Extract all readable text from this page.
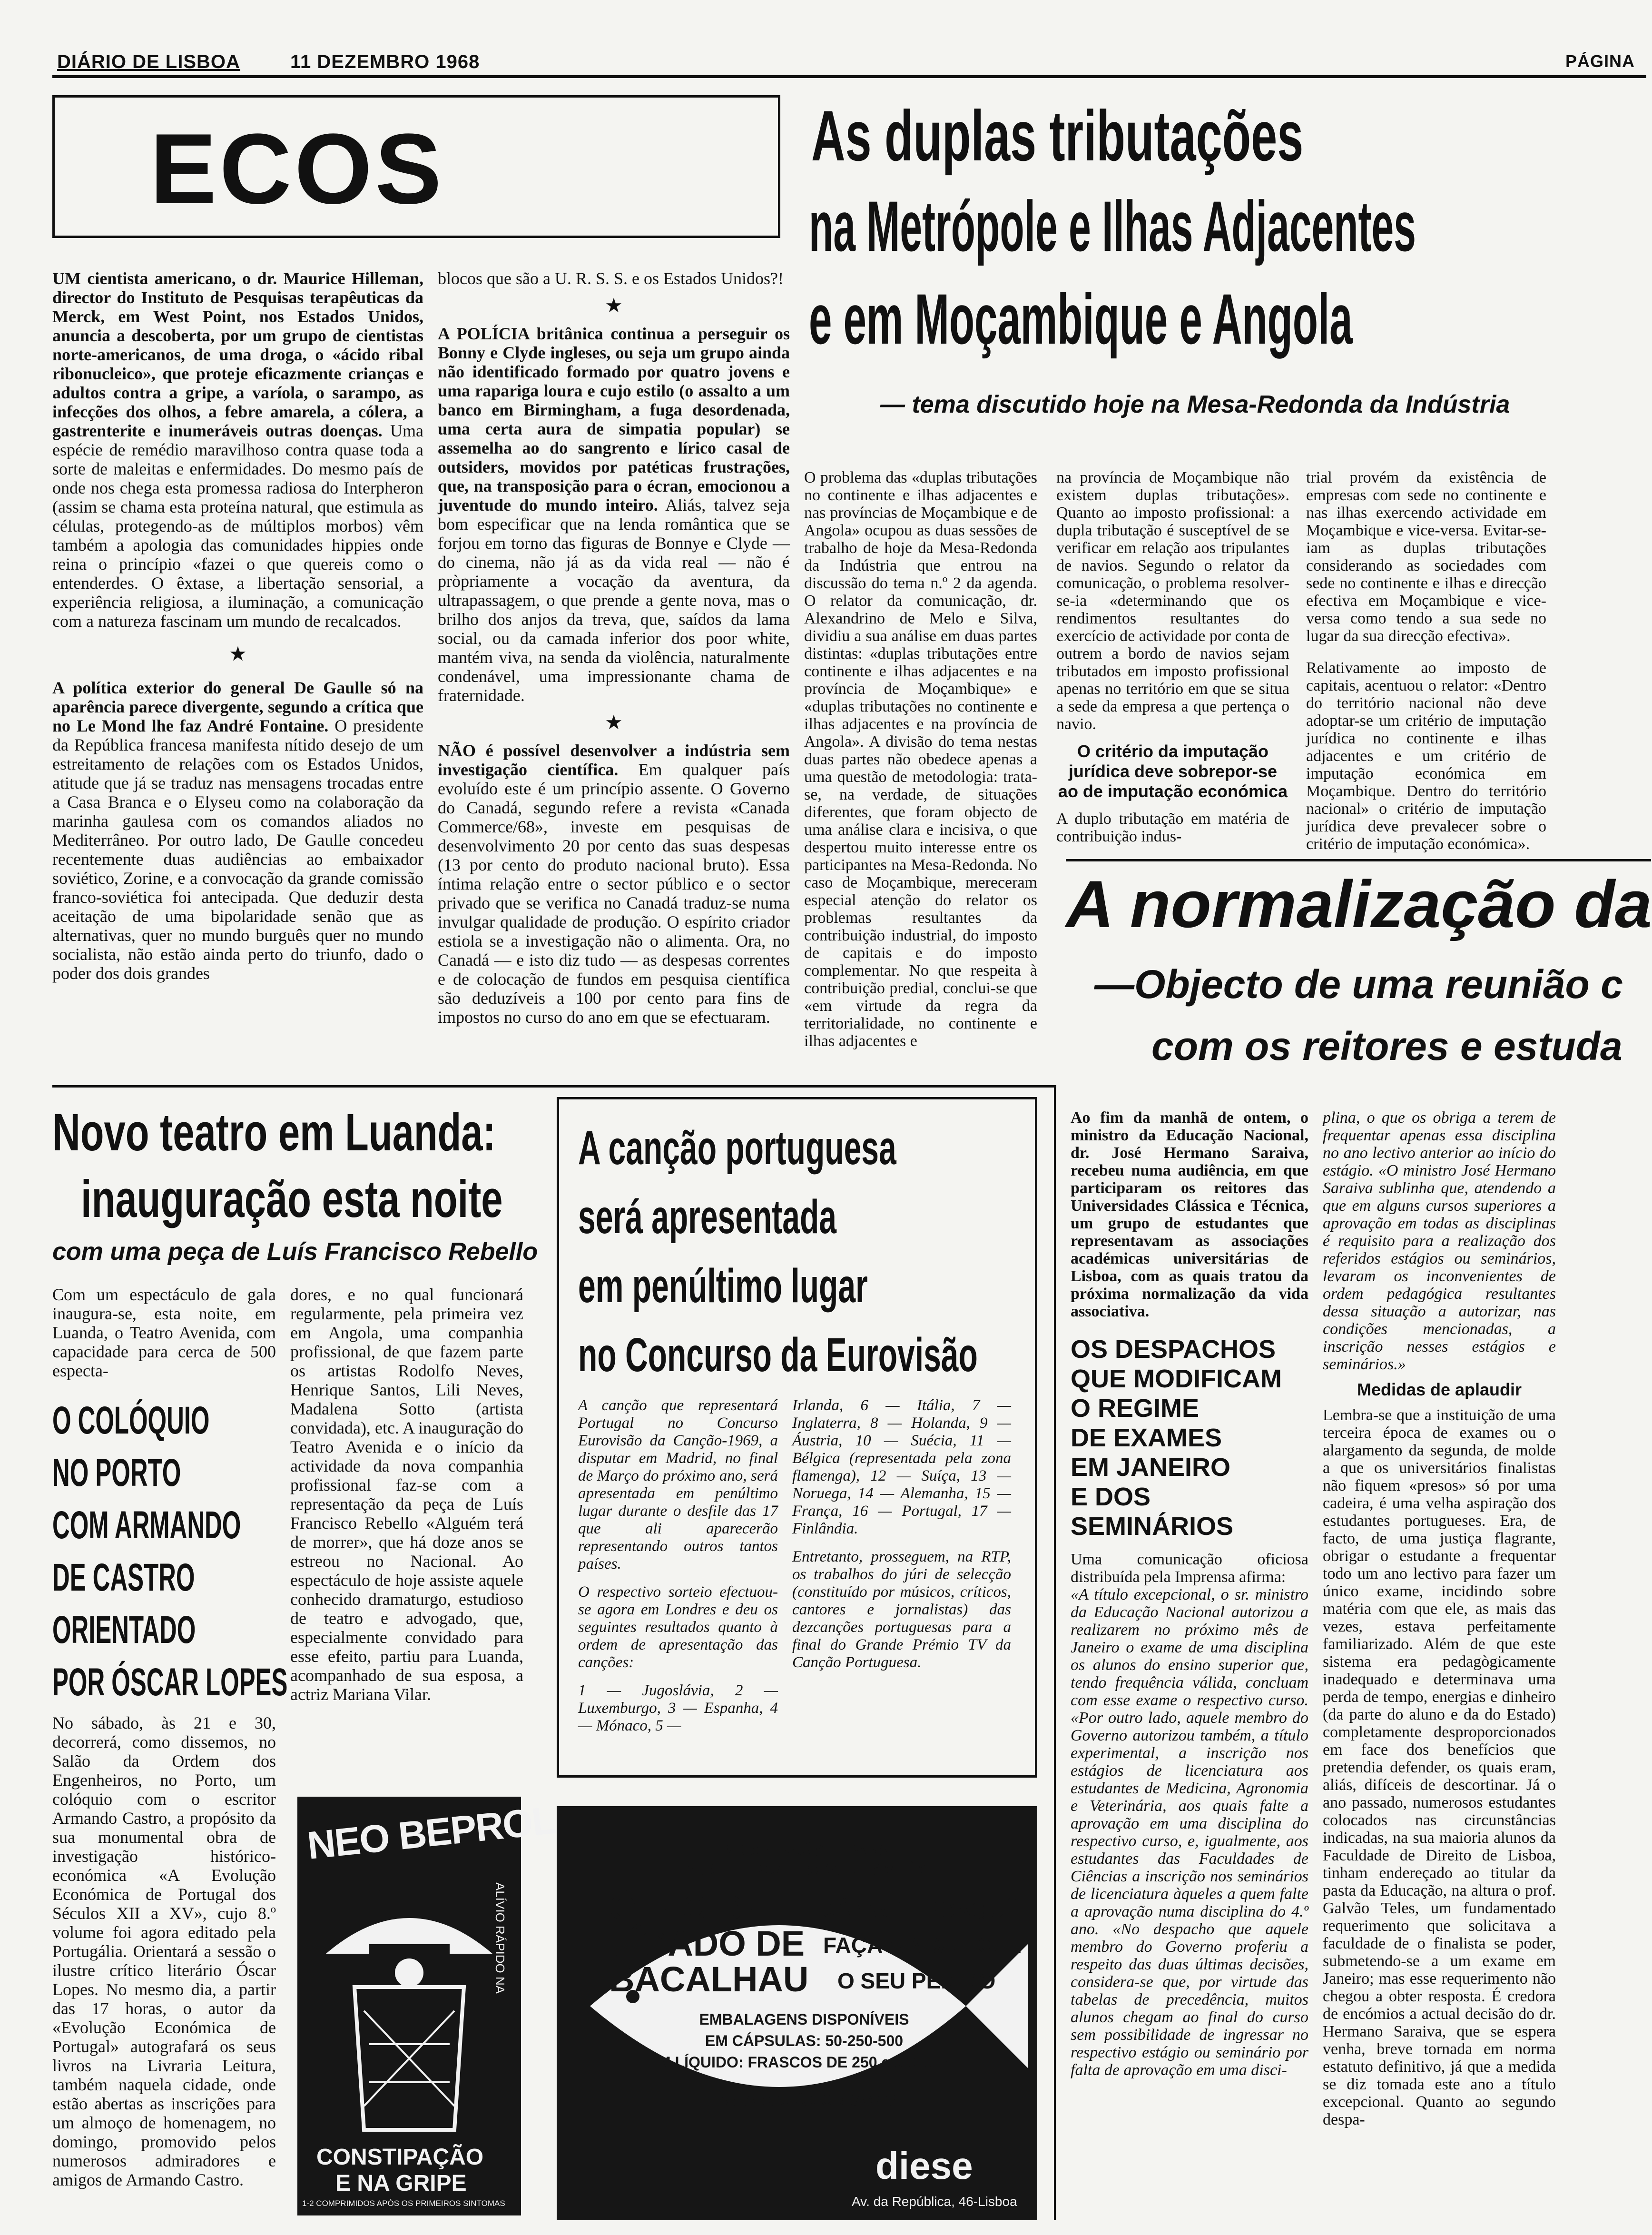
DIÁRIO DE LISBOA	11 DEZEMBRO 1968	PÁGINA
ECOS

UM cientista americano, o dr. Maurice Hilleman, director do Instituto de Pesquisas terapêuticas da Merck, em West Point, nos Estados Unidos, anuncia a descoberta, por um grupo de cientistas norte-americanos, de uma droga, o «ácido ribal ribonucleico», que proteje eficazmente crianças e adultos contra a gripe, a varíola, o sarampo, as infecções dos olhos, a febre amarela, a cólera, a gastrenterite e inumeráveis outras doenças. Uma espécie de remédio maravilhoso contra quase toda a sorte de maleitas e enfermidades. Do mesmo país de onde nos chega esta promessa radiosa do Interpheron (assim se chama esta proteína natural, que estimula as células, protegendo-as de múltiplos morbos) vêm também a apologia das comunidades hippies onde reina o princípio «fazei o que quereis como o entenderdes. O êxtase, a libertação sensorial, a experiência religiosa, a iluminação, a comunicação com a natureza fascinam um mundo de recalcados.

★

A política exterior do general De Gaulle só na aparência parece divergente, segundo a crítica que no Le Mond lhe faz André Fontaine. O presidente da República francesa manifesta nítido desejo de um estreitamento de relações com os Estados Unidos, atitude que já se traduz nas mensagens trocadas entre a Casa Branca e o Elyseu como na colaboração da marinha gaulesa com os comandos aliados no Mediterrâneo. Por outro lado, De Gaulle concedeu recentemente duas audiências ao embaixador soviético, Zorine, e a convocação da grande comissão franco-soviética foi antecipada. Que deduzir desta aceitação de uma bipolaridade senão que as alternativas, quer no mundo burguês quer no mundo socialista, não estão ainda perto do triunfo, dado o poder dos dois grandes

blocos que são a U. R. S. S. e os Estados Unidos?!

★

A POLÍCIA britânica continua a perseguir os Bonny e Clyde ingleses, ou seja um grupo ainda não identificado formado por quatro jovens e uma rapariga loura e cujo estilo (o assalto a um banco em Birmingham, a fuga desordenada, uma certa aura de simpatia popular) se assemelha ao do sangrento e lírico casal de outsiders, movidos por patéticas frustrações, que, na transposição para o écran, emocionou a juventude do mundo inteiro. Aliás, talvez seja bom especificar que na lenda romântica que se forjou em torno das figuras de Bonnye e Clyde — do cinema, não já as da vida real — não é pròpriamente a vocação da aventura, da ultrapassagem, o que prende a gente nova, mas o brilho dos anjos da treva, que, saídos da lama social, ou da camada inferior dos poor white, mantém viva, na senda da violência, naturalmente condenável, uma impressionante chama de fraternidade.

★

NÃO é possível desenvolver a indústria sem investigação científica. Em qualquer país evoluído este é um princípio assente. O Governo do Canadá, segundo refere a revista «Canada Commerce/68», investe em pesquisas de desenvolvimento 20 por cento das suas despesas (13 por cento do produto nacional bruto). Essa íntima relação entre o sector público e o sector privado que se verifica no Canadá traduz-se numa invulgar qualidade de produção. O espírito criador estiola se a investigação não o alimenta. Ora, no Canadá — e isto diz tudo — as despesas correntes e de colocação de fundos em pesquisa científica são deduzíveis a 100 por cento para fins de impostos no curso do ano em que se efectuaram.

As duplas tributações
na Metrópole e Ilhas Adjacentes
e em Moçambique e Angola
— tema discutido hoje na Mesa-Redonda da Indústria
O problema das «duplas tributações no continente e ilhas adjacentes e nas províncias de Moçambique e de Angola» ocupou as duas sessões de trabalho de hoje da Mesa-Redonda da Indústria que entrou na discussão do tema n.º 2 da agenda. O relator da comunicação, dr. Alexandrino de Melo e Silva, dividiu a sua análise em duas partes distintas: «duplas tributações entre continente e ilhas adjacentes e na província de Moçambique» e «duplas tributações no continente e ilhas adjacentes e na província de Angola». A divisão do tema nestas duas partes não obedece apenas a uma questão de metodologia: trata-se, na verdade, de situações diferentes, que foram objecto de uma análise clara e incisiva, o que despertou muito interesse entre os participantes na Mesa-Redonda. No caso de Moçambique, mereceram especial atenção do relator os problemas resultantes da contribuição industrial, do imposto de capitais e do imposto complementar. No que respeita à contribuição predial, conclui-se que «em virtude da regra da territorialidade, no continente e ilhas adjacentes e

na província de Moçambique não existem duplas tributações». Quanto ao imposto profissional: a dupla tributação é susceptível de se verificar em relação aos tripulantes de navios. Segundo o relator da comunicação, o problema resolver-se-ia «determinando que os rendimentos resultantes do exercício de actividade por conta de outrem a bordo de navios sejam tributados em imposto profissional apenas no território em que se situa a sede da empresa a que pertença o navio.

O critério da imputação jurídica deve sobrepor-se ao de imputação económica

A duplo tributação em matéria de contribuição indus-

trial provém da existência de empresas com sede no continente e nas ilhas exercendo actividade em Moçambique e vice-versa. Evitar-se-iam as duplas tributações considerando as sociedades com sede no continente e ilhas e direcção efectiva em Moçambique e vice-versa como tendo a sua sede no lugar da sua direcção efectiva».

Relativamente ao imposto de capitais, acentuou o relator: «Dentro do território nacional não deve adoptar-se um critério de imputação jurídica no continente e ilhas adjacentes e um critério de imputação económica em Moçambique. Dentro do território nacional» o critério de imputação jurídica deve prevalecer sobre o critério de imputação económica».

A normalização da
—Objecto de uma reunião c
com os reitores e estuda

Ao fim da manhã de ontem, o ministro da Educação Nacional, dr. José Hermano Saraiva, recebeu numa audiência, em que participaram os reitores das Universidades Clássica e Técnica, um grupo de estudantes que representavam as associações académicas universitárias de Lisboa, com as quais tratou da próxima normalização da vida associativa.

OS DESPACHOS
QUE MODIFICAM
O REGIME
DE EXAMES
EM JANEIRO
E DOS SEMINÁRIOS

Uma comunicação oficiosa distribuída pela Imprensa afirma:

«A título excepcional, o sr. ministro da Educação Nacional autorizou a realizarem no próximo mês de Janeiro o exame de uma disciplina os alunos do ensino superior que, tendo frequência válida, concluam com esse exame o respectivo curso. «Por outro lado, aquele membro do Governo autorizou também, a título experimental, a inscrição nos estágios de licenciatura aos estudantes de Medicina, Agronomia e Veterinária, aos quais falte a aprovação em uma disciplina do respectivo curso, e, igualmente, aos estudantes das Faculdades de Ciências a inscrição nos seminários de licenciatura àqueles a quem falte a aprovação numa disciplina do 4.º ano. «No despacho que aquele membro do Governo proferiu a respeito das duas últimas decisões, considera-se que, por virtude das tabelas de precedência, muitos alunos chegam ao final do curso sem possibilidade de ingressar no respectivo estágio ou seminário por falta de aprovação em uma disci-

plina, o que os obriga a terem de frequentar apenas essa disciplina no ano lectivo anterior ao início do estágio. «O ministro José Hermano Saraiva sublinha que, atendendo a que em alguns cursos superiores a aprovação em todas as disciplinas é requisito para a realização dos referidos estágios ou seminários, levaram os inconvenientes de ordem pedagógica resultantes dessa situação a autorizar, nas condições mencionadas, a inscrição nesses estágios e seminários.»

Medidas de aplaudir

Lembra-se que a instituição de uma terceira época de exames ou o alargamento da segunda, de molde a que os universitários finalistas não fiquem «presos» só por uma cadeira, é uma velha aspiração dos estudantes portugueses. Era, de facto, de uma justiça flagrante, obrigar o estudante a frequentar todo um ano lectivo para fazer um único exame, incidindo sobre matéria com que ele, as mais das vezes, estava perfeitamente familiarizado. Além de que este sistema era pedagògicamente inadequado e determinava uma perda de tempo, energias e dinheiro (da parte do aluno e da do Estado) completamente desproporcionados em face dos benefícios que pretendia defender, os quais eram, aliás, difíceis de descortinar. Já o ano passado, numerosos estudantes colocados nas circunstâncias indicadas, na sua maioria alunos da Faculdade de Direito de Lisboa, tinham endereçado ao titular da pasta da Educação, na altura o prof. Galvão Teles, um fundamentado requerimento que solicitava a faculdade de o finalista se poder, submetendo-se a um exame em Janeiro; mas esse requerimento não chegou a obter resposta. É credora de encómios a actual decisão do dr. Hermano Saraiva, que se espera venha, breve tornada em norma estatuto definitivo, já que a medida se diz tomada este ano a título excepcional. Quanto ao segundo despa-

Novo teatro em Luanda:
inauguração esta noite
com uma peça de Luís Francisco Rebello
Com um espectáculo de gala inaugura-se, esta noite, em Luanda, o Teatro Avenida, com capacidade para cerca de 500 especta-
dores, e no qual funcionará regularmente, pela primeira vez em Angola, uma companhia profissional, de que fazem parte os artistas Rodolfo Neves, Henrique Santos, Lili Neves, Madalena Sotto (artista convidada), etc. A inauguração do Teatro Avenida e o início da actividade da nova companhia profissional faz-se com a representação da peça de Luís Francisco Rebello «Alguém terá de morrer», que há doze anos se estreou no Nacional. Ao espectáculo de hoje assiste aquele conhecido dramaturgo, estudioso de teatro e advogado, que, especialmente convidado para esse efeito, partiu para Luanda, acompanhado de sua esposa, a actriz Mariana Vilar.
O COLÓQUIO
NO PORTO
COM ARMANDO
DE CASTRO
ORIENTADO
POR ÓSCAR LOPES
No sábado, às 21 e 30, decorrerá, como dissemos, no Salão da Ordem dos Engenheiros, no Porto, um colóquio com o escritor Armando Castro, a propósito da sua monumental obra de investigação histórico-económica «A Evolução Económica de Portugal dos Séculos XII a XV», cujo 8.º volume foi agora editado pela Portugália. Orientará a sessão o ilustre crítico literário Óscar Lopes. No mesmo dia, a partir das 17 horas, o autor da «Evolução Económica de Portugal» autografará os seus livros na Livraria Leitura, também naquela cidade, onde estão abertas as inscrições para um almoço de homenagem, no domingo, promovido pelos numerosos admiradores e amigos de Armando Castro.
A canção portuguesa
será apresentada
em penúltimo lugar
no Concurso da Eurovisão

A canção que representará Portugal no Concurso Eurovisão da Canção-1969, a disputar em Madrid, no final de Março do próximo ano, será apresentada em penúltimo lugar durante o desfile das 17 que ali aparecerão representando outros tantos países.

O respectivo sorteio efectuou-se agora em Londres e deu os seguintes resultados quanto à ordem de apresentação das canções:

1 — Jugoslávia, 2 — Luxemburgo, 3 — Espanha, 4 — Mónaco, 5 —

Irlanda, 6 — Itália, 7 — Inglaterra, 8 — Holanda, 9 — Áustria, 10 — Suécia, 11 — Bélgica (representada pela zona flamenga), 12 — Suíça, 13 — Noruega, 14 — Alemanha, 15 — França, 16 — Portugal, 17 — Finlândia.

Entretanto, prosseguem, na RTP, os trabalhos do júri de selecção (constituído por músicos, críticos, cantores e jornalistas) das dezcanções portuguesas para a final do Grande Prémio TV da Canção Portuguesa.

NEO BEPROL
ALÍVIO RÁPIDO NA
CONSTIPAÇÃO
E NA GRIPE
1-2 COMPRIMIDOS APÓS OS PRIMEIROS SINTOMAS
INDISPENSÁVEL PARA
SEUS FILHOS E PARA SI TAMBÉM
ÓLEO DE
FÍGADO DE
BACALHAU
JÁ SABE PORQUÊ
FAÇA AINDA HOJE
O SEU PEDIDO
EMBALAGENS DISPONÍVEIS
EM CÁPSULAS: 50-250-500
EM LÍQUIDO: FRASCOS DE 250 e 500 cm³
ENVIAMOS À COBRANÇA
diese
Av. da República, 46-Lisboa
